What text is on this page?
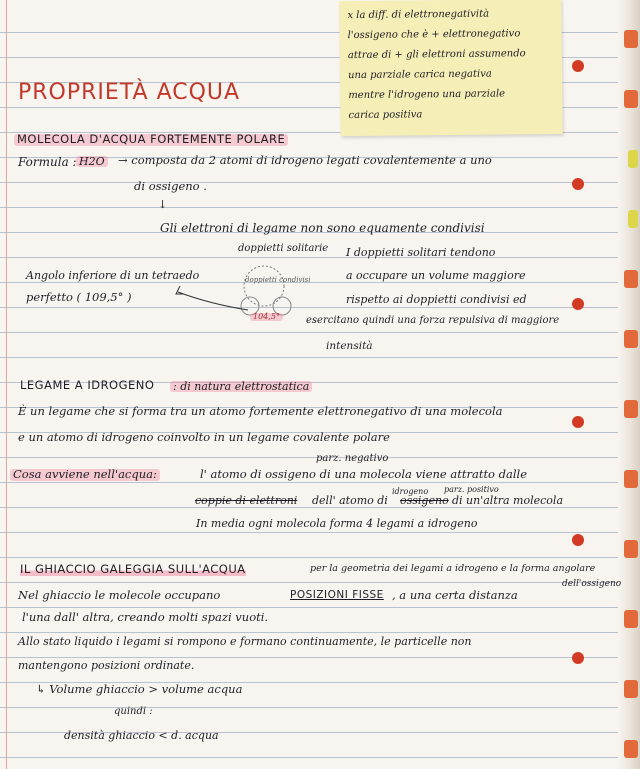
x la diff. di elettronegatività
l'ossigeno che è + elettronegativo
attrae di + gli elettroni assumendo
una parziale carica negativa
mentre l'idrogeno una parziale
carica positiva
PROPRIETÀ ACQUA
MOLECOLA D'ACQUA FORTEMENTE POLARE
Formula : H2O → composta da 2 atomi di idrogeno legati covalentemente a uno
di ossigeno .
↓
Gli elettroni di legame non sono equamente condivisi
doppietti solitarie I doppietti solitari tendono
a occupare un volume maggiore
rispetto ai doppietti condivisi ed
esercitano quindi una forza repulsiva di maggiore
intensità
Angolo inferiore di un tetraedo
perfetto ( 109,5° )
doppietti condivisi
104,5°
LEGAME A IDROGENO : di natura elettrostatica
È un legame che si forma tra un atomo fortemente elettronegativo di una molecola
e un atomo di idrogeno coinvolto in un legame covalente polare
parz. negativo
Cosa avviene nell'acqua:	l' atomo di ossigeno di una molecola viene attratto dalle
idrogeno parz. positivo
coppie di elettroni dell' atomo di ossigeno di un'altra molecola
In media ogni molecola forma 4 legami a idrogeno
IL GHIACCIO GALEGGIA SULL'ACQUA	per la geometria dei legami a idrogeno e la forma angolare
dell'ossigeno
Nel ghiaccio le molecole occupano	POSIZIONI FISSE , a una certa distanza
l'una dall' altra, creando molti spazi vuoti.
Allo stato liquido i legami si rompono e formano continuamente, le particelle non
mantengono posizioni ordinate.
↳ Volume ghiaccio > volume acqua
quindi :
densità ghiaccio < d. acqua
